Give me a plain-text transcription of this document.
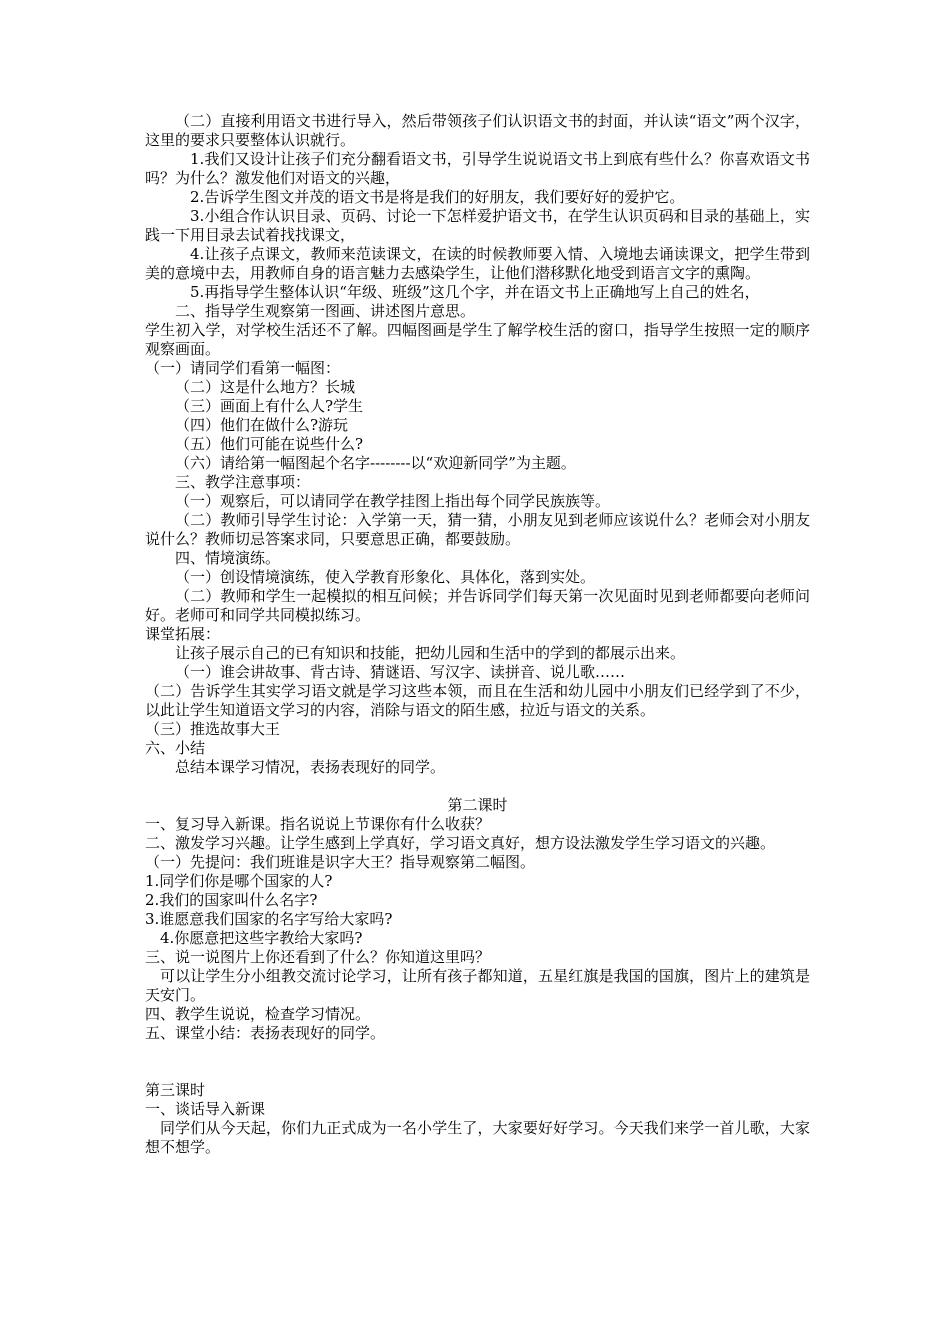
（二）直接利用语文书进行导入，然后带领孩子们认识语文书的封面，并认读“语文”两个汉字，这里的要求只要整体认识就行。

1.我们又设计让孩子们充分翻看语文书，引导学生说说语文书上到底有些什么？你喜欢语文书吗？为什么？激发他们对语文的兴趣，

2.告诉学生图文并茂的语文书是将是我们的好朋友，我们要好好的爱护它。

3.小组合作认识目录、页码、讨论一下怎样爱护语文书，在学生认识页码和目录的基础上，实践一下用目录去试着找找课文，

4.让孩子点课文，教师来范读课文，在读的时候教师要入情、入境地去诵读课文，把学生带到美的意境中去，用教师自身的语言魅力去感染学生，让他们潜移默化地受到语言文字的熏陶。

5.再指导学生整体认识“年级、班级”这几个字，并在语文书上正确地写上自己的姓名，

二、指导学生观察第一图画、讲述图片意思。

学生初入学，对学校生活还不了解。四幅图画是学生了解学校生活的窗口，指导学生按照一定的顺序观察画面。

（一）请同学们看第一幅图：

（二）这是什么地方？长城

（三）画面上有什么人?学生

（四）他们在做什么?游玩

（五）他们可能在说些什么?

（六）请给第一幅图起个名字--------以“欢迎新同学”为主题。

三、教学注意事项：

（一）观察后，可以请同学在教学挂图上指出每个同学民族族等。

（二）教师引导学生讨论：入学第一天，猜一猜，小朋友见到老师应该说什么？老师会对小朋友说什么？教师切忌答案求同，只要意思正确，都要鼓励。

四、情境演练。

（一）创设情境演练，使入学教育形象化、具体化，落到实处。

（二）教师和学生一起模拟的相互问候；并告诉同学们每天第一次见面时见到老师都要向老师问好。老师可和同学共同模拟练习。

课堂拓展：

让孩子展示自己的已有知识和技能，把幼儿园和生活中的学到的都展示出来。

（一）谁会讲故事、背古诗、猜谜语、写汉字、读拼音、说儿歌……

（二）告诉学生其实学习语文就是学习这些本领，而且在生活和幼儿园中小朋友们已经学到了不少，以此让学生知道语文学习的内容，消除与语文的陌生感，拉近与语文的关系。

（三）推选故事大王

六、小结

总结本课学习情况，表扬表现好的同学。

第二课时

一、复习导入新课。指名说说上节课你有什么收获？

二、激发学习兴趣。让学生感到上学真好，学习语文真好，想方设法激发学生学习语文的兴趣。

（一）先提问：我们班谁是识字大王？指导观察第二幅图。

1.同学们你是哪个国家的人?

2.我们的国家叫什么名字?

3.谁愿意我们国家的名字写给大家吗?

4.你愿意把这些字教给大家吗?

三、说一说图片上你还看到了什么？你知道这里吗？

可以让学生分小组教交流讨论学习，让所有孩子都知道，五星红旗是我国的国旗，图片上的建筑是天安门。

四、教学生说说，检查学习情况。

五、课堂小结：表扬表现好的同学。

第三课时

一、谈话导入新课

同学们从今天起，你们九正式成为一名小学生了，大家要好好学习。今天我们来学一首儿歌，大家想不想学。
